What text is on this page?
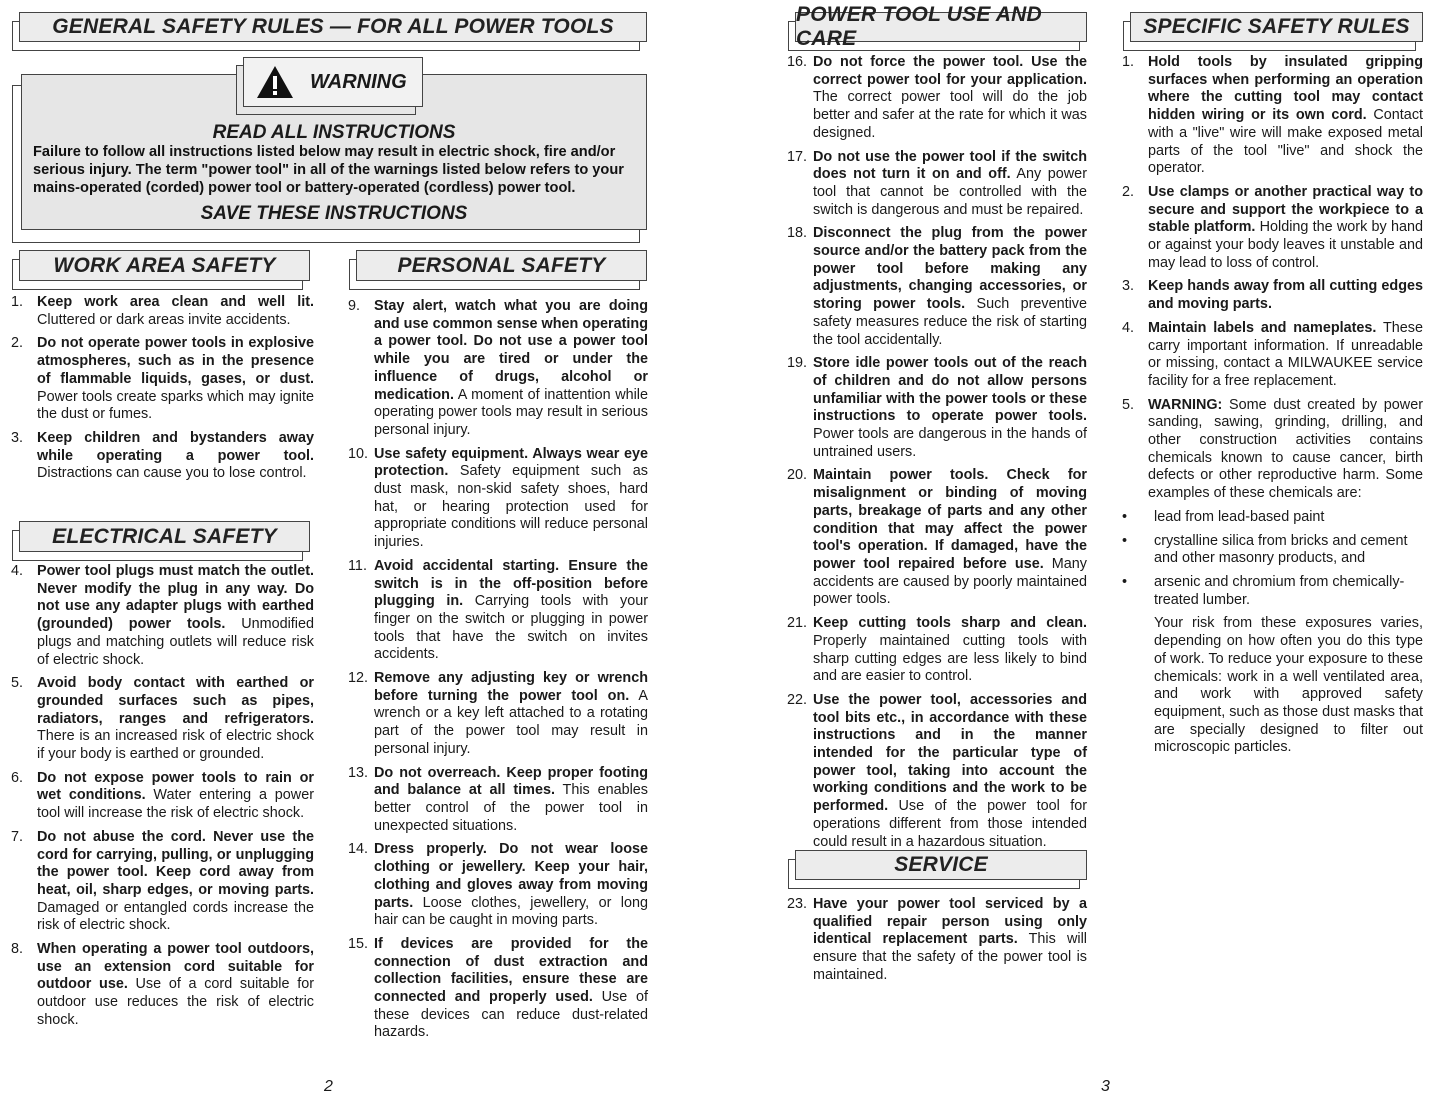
GENERAL SAFETY RULES — FOR ALL POWER TOOLS
WARNING
READ ALL INSTRUCTIONS
Failure to follow all instructions listed below may result in electric shock, fire and/or serious injury. The term "power tool" in all of the warnings listed below refers to your mains-operated (corded) power tool or battery-operated (cordless) power tool.
SAVE THESE INSTRUCTIONS
WORK AREA SAFETY	PERSONAL SAFETY
ELECTRICAL SAFETY
POWER TOOL USE AND CARE
SPECIFIC SAFETY RULES
SERVICE
1. Keep work area clean and well lit. Cluttered or dark areas invite accidents.
2. Do not operate power tools in explosive atmospheres, such as in the presence of flammable liquids, gases, or dust. Power tools create sparks which may ignite the dust or fumes.
3. Keep children and bystanders away while operating a power tool. Distractions can cause you to lose control.
4. Power tool plugs must match the outlet. Never modify the plug in any way. Do not use any adapter plugs with earthed (grounded) power tools. Unmodified plugs and matching outlets will reduce risk of electric shock.
5. Avoid body contact with earthed or grounded surfaces such as pipes, radiators, ranges and refrigerators. There is an increased risk of electric shock if your body is earthed or grounded.
6. Do not expose power tools to rain or wet conditions. Water entering a power tool will increase the risk of electric shock.
7. Do not abuse the cord. Never use the cord for carrying, pulling, or unplugging the power tool. Keep cord away from heat, oil, sharp edges, or moving parts. Damaged or entangled cords increase the risk of electric shock.
8. When operating a power tool outdoors, use an extension cord suitable for outdoor use. Use of a cord suitable for outdoor use reduces the risk of electric shock.
9. Stay alert, watch what you are doing and use common sense when operating a power tool. Do not use a power tool while you are tired or under the influence of drugs, alcohol or medication. A moment of inattention while operating power tools may result in serious personal injury.
10. Use safety equipment. Always wear eye protection. Safety equipment such as dust mask, non-skid safety shoes, hard hat, or hearing protection used for appropriate conditions will reduce personal injuries.
11. Avoid accidental starting. Ensure the switch is in the off-position before plugging in. Carrying tools with your finger on the switch or plugging in power tools that have the switch on invites accidents.
12. Remove any adjusting key or wrench before turning the power tool on. A wrench or a key left attached to a rotating part of the power tool may result in personal injury.
13. Do not overreach. Keep proper footing and balance at all times. This enables better control of the power tool in unexpected situations.
14. Dress properly. Do not wear loose clothing or jewellery. Keep your hair, clothing and gloves away from moving parts. Loose clothes, jewellery, or long hair can be caught in moving parts.
15. If devices are provided for the connection of dust extraction and collection facilities, ensure these are connected and properly used. Use of these devices can reduce dust-related hazards.
16. Do not force the power tool. Use the correct power tool for your application. The correct power tool will do the job better and safer at the rate for which it was designed.
17. Do not use the power tool if the switch does not turn it on and off. Any power tool that cannot be controlled with the switch is dangerous and must be repaired.
18. Disconnect the plug from the power source and/or the battery pack from the power tool before making any adjustments, changing accessories, or storing power tools. Such preventive safety measures reduce the risk of starting the tool accidentally.
19. Store idle power tools out of the reach of children and do not allow persons unfamiliar with the power tools or these instructions to operate power tools. Power tools are dangerous in the hands of untrained users.
20. Maintain power tools. Check for misalignment or binding of moving parts, breakage of parts and any other condition that may affect the power tool's operation. If damaged, have the power tool repaired before use. Many accidents are caused by poorly maintained power tools.
21. Keep cutting tools sharp and clean. Properly maintained cutting tools with sharp cutting edges are less likely to bind and are easier to control.
22. Use the power tool, accessories and tool bits etc., in accordance with these instructions and in the manner intended for the particular type of power tool, taking into account the working conditions and the work to be performed. Use of the power tool for operations different from those intended could result in a hazardous situation.
23. Have your power tool serviced by a qualified repair person using only identical replacement parts. This will ensure that the safety of the power tool is maintained.
1. Hold tools by insulated gripping surfaces when performing an operation where the cutting tool may contact hidden wiring or its own cord. Contact with a "live" wire will make exposed metal parts of the tool "live" and shock the operator.
2. Use clamps or another practical way to secure and support the workpiece to a stable platform. Holding the work by hand or against your body leaves it unstable and may lead to loss of control.
3. Keep hands away from all cutting edges and moving parts.
4. Maintain labels and nameplates. These carry important information. If unreadable or missing, contact a MILWAUKEE service facility for a free replacement.
5. WARNING: Some dust created by power sanding, sawing, grinding, drilling, and other construction activities contains chemicals known to cause cancer, birth defects or other reproductive harm. Some examples of these chemicals are:
• lead from lead-based paint
• crystalline silica from bricks and cement and other masonry products, and
• arsenic and chromium from chemically-treated lumber.
Your risk from these exposures varies, depending on how often you do this type of work. To reduce your exposure to these chemicals: work in a well ventilated area, and work with approved safety equipment, such as those dust masks that are specially designed to filter out microscopic particles.
2	3
